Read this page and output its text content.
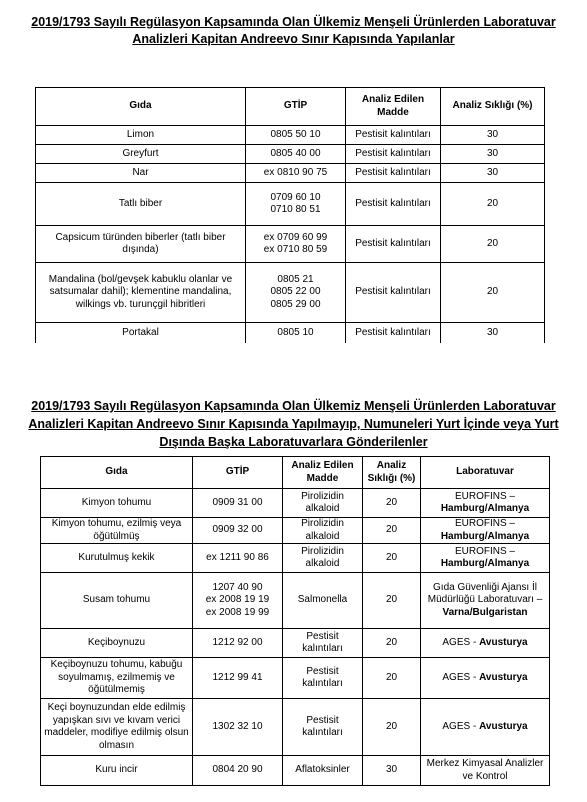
2019/1793 Sayılı Regülasyon Kapsamında Olan Ülkemiz Menşeli Ürünlerden Laboratuvar
Analizleri Kapitan Andreevo Sınır Kapısında Yapılanlar
Gıda	GTİP	Analiz Edilen Madde	Analiz Sıklığı (%)
Limon	0805 50 10	Pestisit kalıntıları	30
Greyfurt	0805 40 00	Pestisit kalıntıları	30
Nar	ex 0810 90 75	Pestisit kalıntıları	30
Tatlı biber	0709 60 10
0710 80 51	Pestisit kalıntıları	20
Capsicum türünden biberler (tatlı biber dışında)	ex 0709 60 99
ex 0710 80 59	Pestisit kalıntıları	20
Mandalina (bol/gevşek kabuklu olanlar ve satsumalar dahil); klementine mandalina, wilkings vb. turunçgil hibritleri	0805 21
0805 22 00
0805 29 00	Pestisit kalıntıları	20
Portakal	0805 10	Pestisit kalıntıları	30
2019/1793 Sayılı Regülasyon Kapsamında Olan Ülkemiz Menşeli Ürünlerden Laboratuvar
Analizleri Kapitan Andreevo Sınır Kapısında Yapılmayıp, Numuneleri Yurt İçinde veya Yurt
Dışında Başka Laboratuvarlara Gönderilenler
Gıda	GTİP	Analiz Edilen Madde	Analiz Sıklığı (%)	Laboratuvar
Kimyon tohumu	0909 31 00	Pirolizidin alkaloid	20	EUROFINS –
Hamburg/Almanya

Kimyon tohumu, ezilmiş veya öğütülmüş	0909 32 00	Pirolizidin alkaloid	20	EUROFINS –
Hamburg/Almanya

Kurutulmuş kekik	ex 1211 90 86	Pirolizidin alkaloid	20	EUROFINS –
Hamburg/Almanya

Susam tohumu	1207 40 90
ex 2008 19 19
ex 2008 19 99	Salmonella	20	Gıda Güvenliği Ajansı İl Müdürlüğü Laboratuvarı –
Varna/Bulgaristan

Keçiboynuzu	1212 92 00	Pestisit kalıntıları	20	AGES - Avusturya
Keçiboynuzu tohumu, kabuğu soyulmamış, ezilmemiş ve öğütülmemiş	1212 99 41	Pestisit kalıntıları	20	AGES - Avusturya
Keçi boynuzundan elde edilmiş yapışkan sıvı ve kıvam verici maddeler, modifiye edilmiş olsun olmasın	1302 32 10	Pestisit kalıntıları	20	AGES - Avusturya
Kuru incir	0804 20 90	Aflatoksinler	30	Merkez Kimyasal Analizler ve Kontrol
